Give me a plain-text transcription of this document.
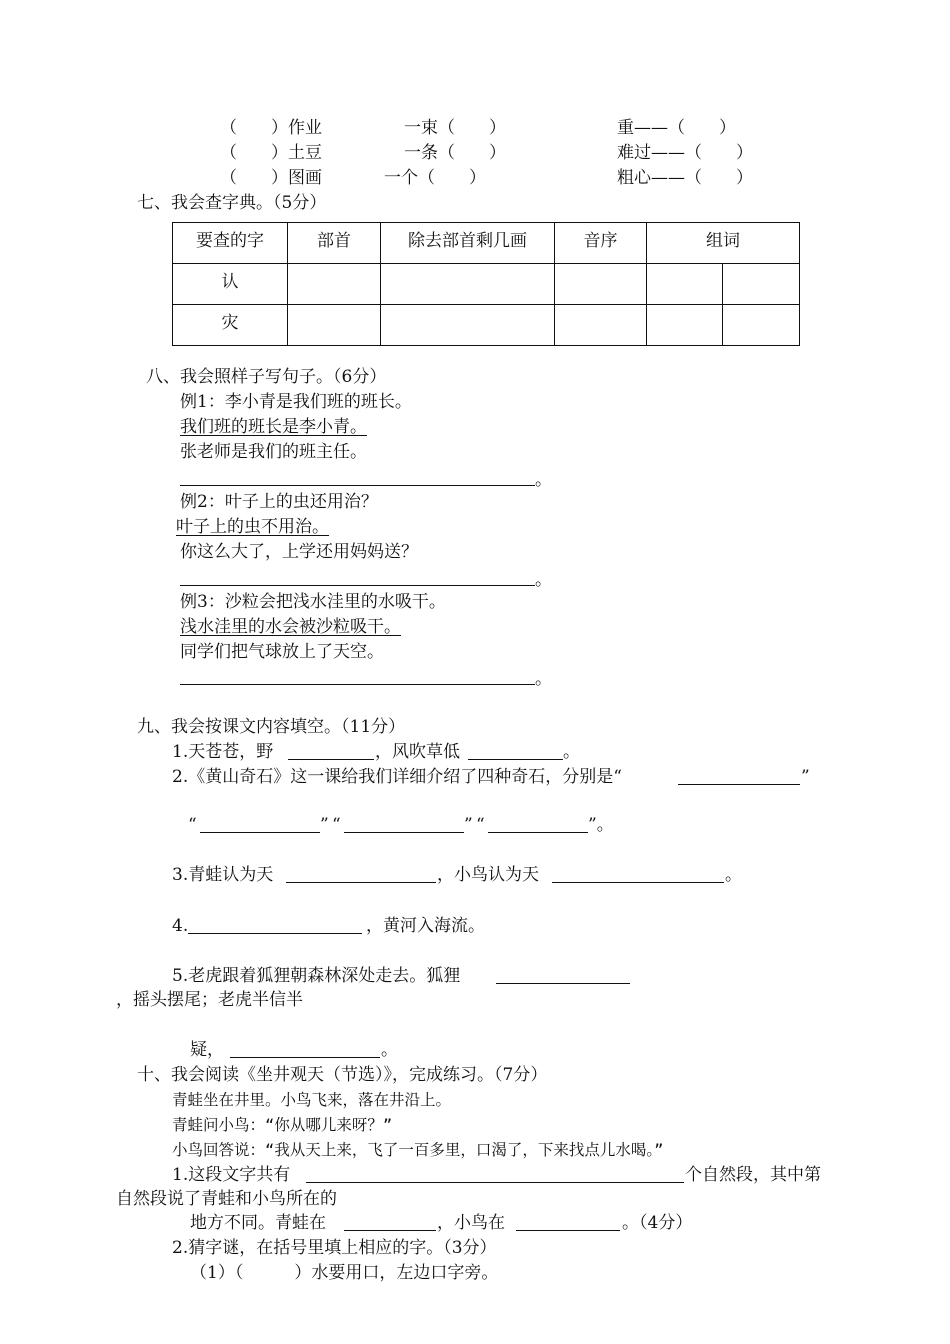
（　　）作业	一束（　　）	重——（　　）
（　　）土豆	一条（　　）	难过——（　　）
（　　）图画	一个（　　）	粗心——（　　）
七、我会查字典。（5分）
要查的字	部首	除去部首剩几画	音序	组词	
认					
灾					
八、我会照样子写句子。（6分）
例1：李小青是我们班的班长。
我们班的班长是李小青。
张老师是我们的班主任。
。
例2：叶子上的虫还用治？
叶子上的虫不用治。
你这么大了，上学还用妈妈送？
。
例3：沙粒会把浅水洼里的水吸干。
浅水洼里的水会被沙粒吸干。
同学们把气球放上了天空。
。
九、我会按课文内容填空。（11分）
1.天苍苍，野	，风吹草低	。
2.《黄山奇石》这一课给我们详细介绍了四种奇石，分别是“	”
“	” “	” “	”。
3.青蛙认为天	，小鸟认为天	。
4.	，黄河入海流。
5.老虎跟着狐狸朝森林深处走去。狐狸
，摇头摆尾；老虎半信半
疑，	。
十、我会阅读《坐井观天（节选）》，完成练习。（7分）
青蛙坐在井里。小鸟飞来，落在井沿上。
青蛙问小鸟：“你从哪儿来呀？”
小鸟回答说：“我从天上来，飞了一百多里，口渴了，下来找点儿水喝。”
1.这段文字共有	个自然段，其中第
自然段说了青蛙和小鸟所在的
地方不同。青蛙在	，小鸟在	。（4分）
2.猜字谜，在括号里填上相应的字。（3分）
（1）（　　　）水要用口，左边口字旁。
